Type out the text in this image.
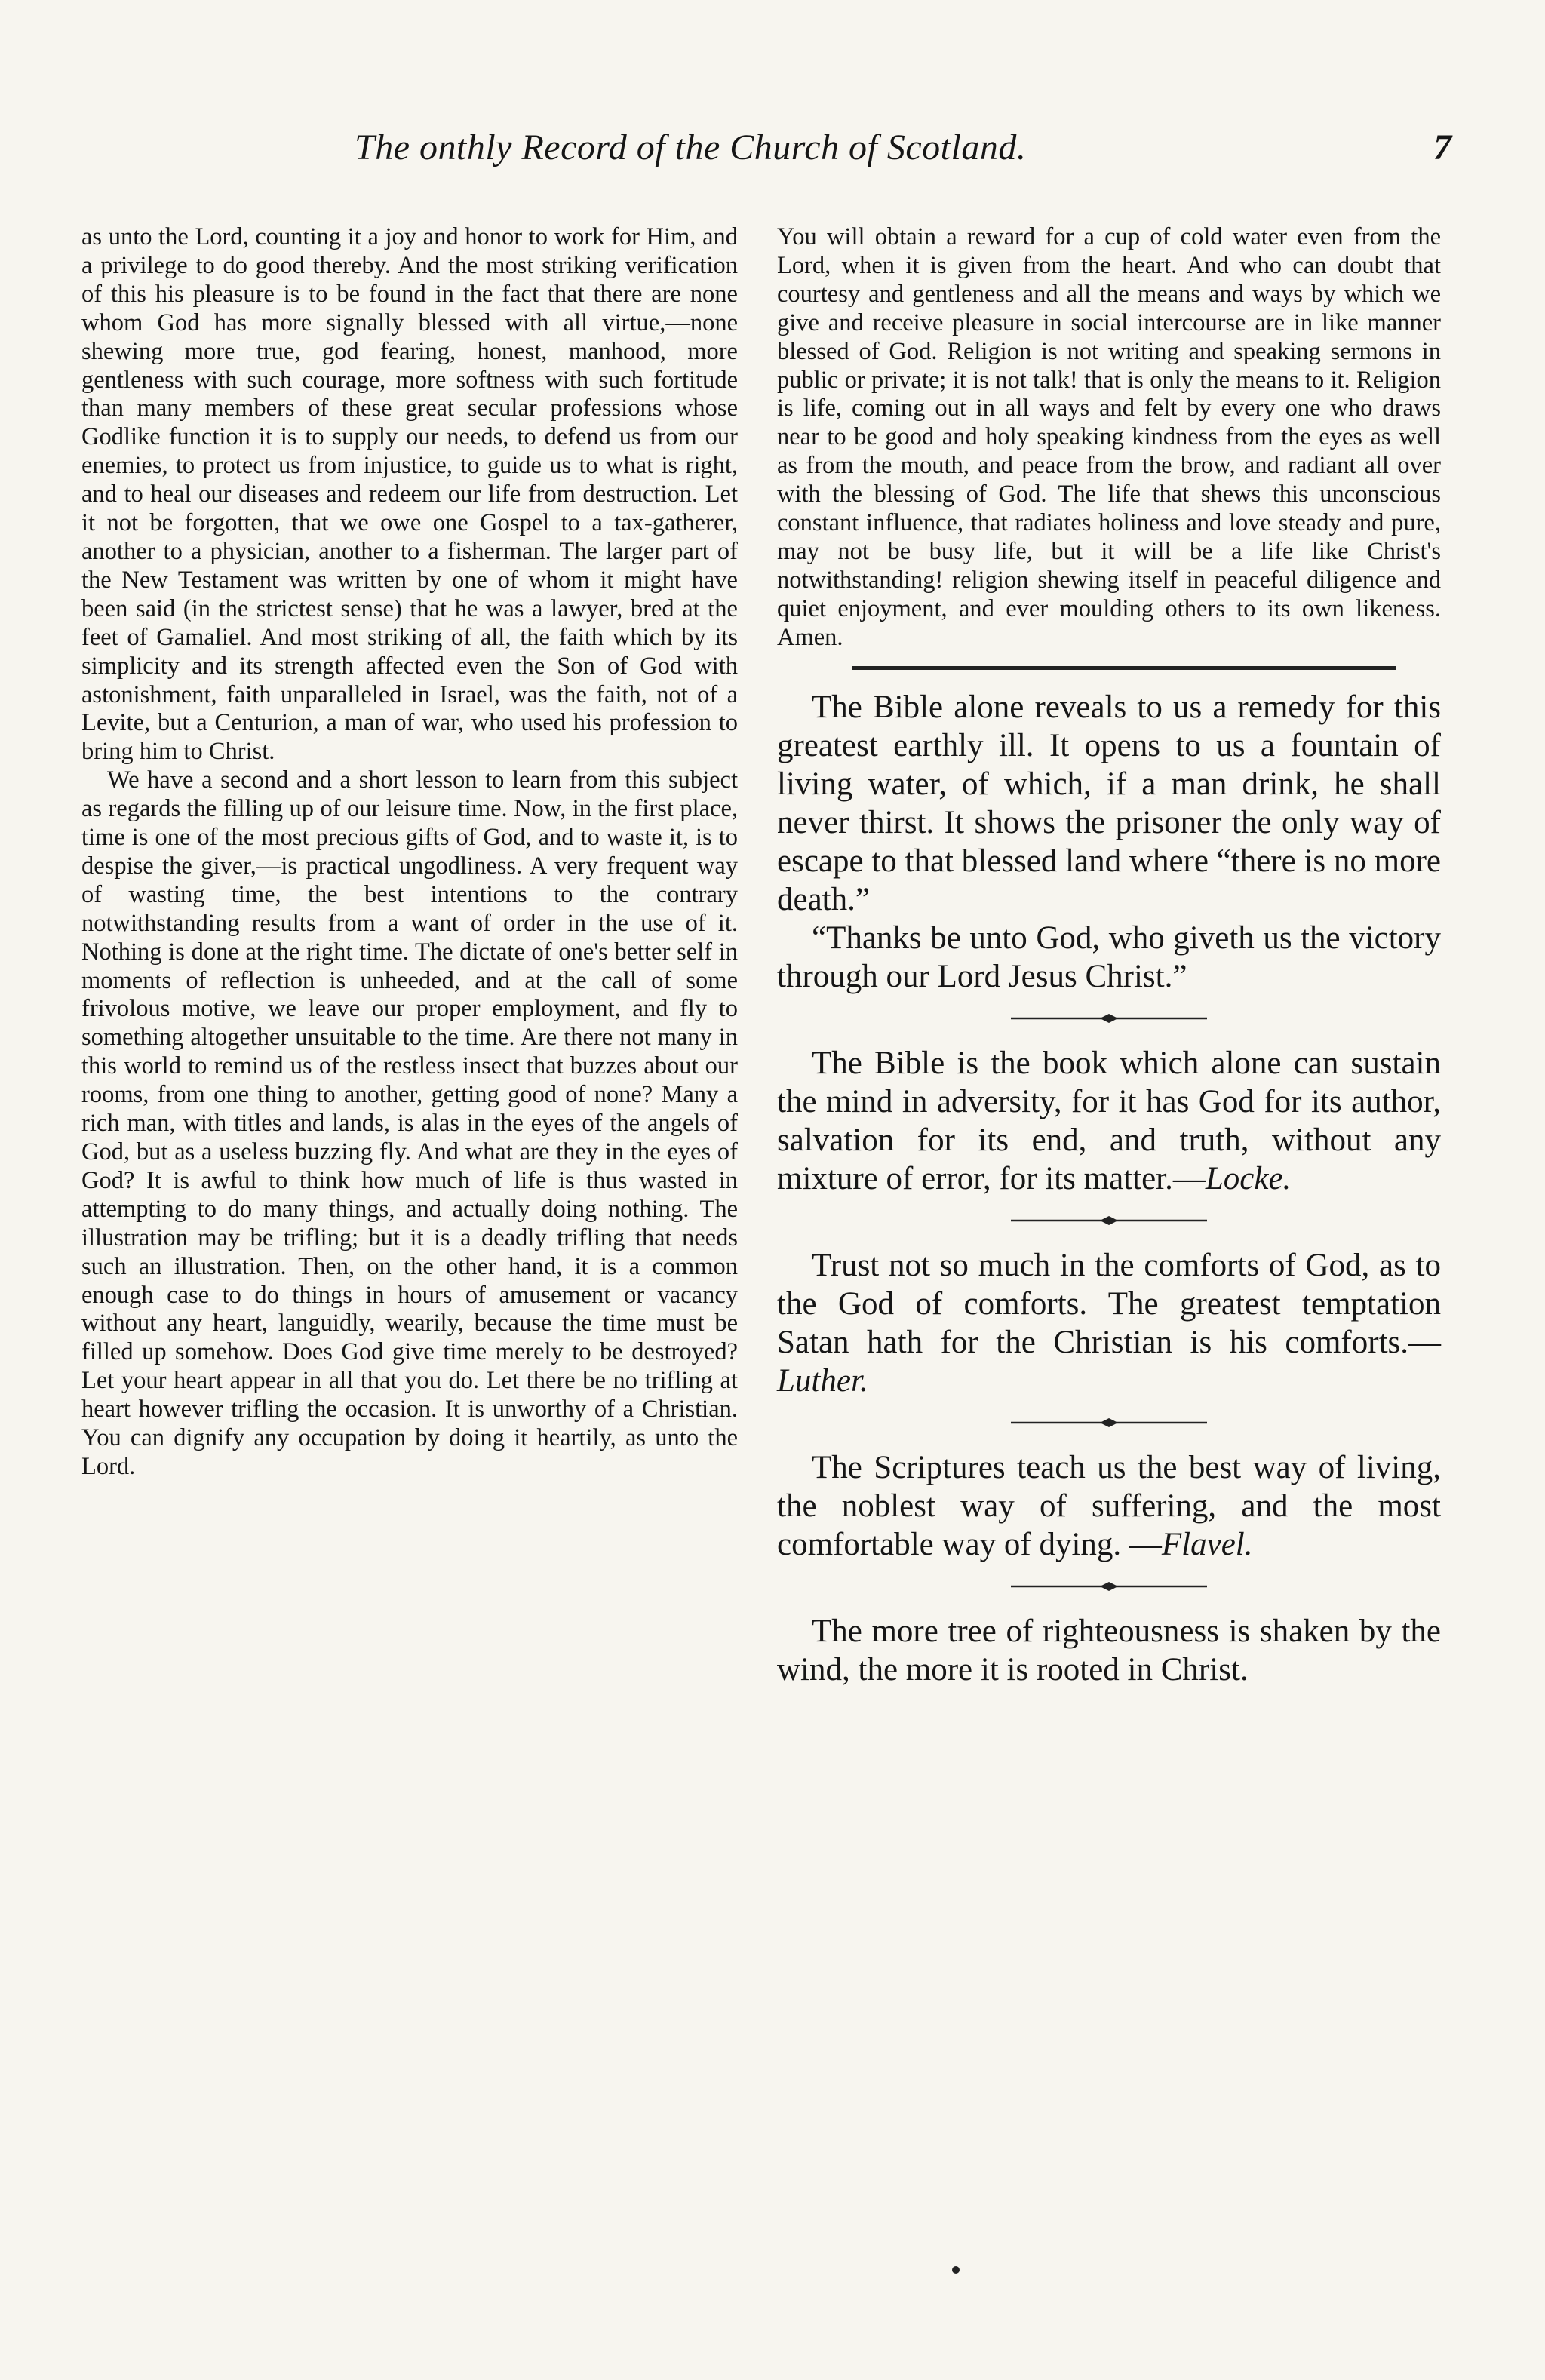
The onthly Record of the Church of Scotland.	7

as unto the Lord, counting it a joy and honor to work for Him, and a privilege to do good thereby. And the most striking verification of this his pleasure is to be found in the fact that there are none whom God has more signally blessed with all virtue,—none shewing more true, god fearing, honest, manhood, more gentleness with such courage, more softness with such fortitude than many members of these great secular professions whose Godlike function it is to supply our needs, to defend us from our enemies, to protect us from injustice, to guide us to what is right, and to heal our diseases and redeem our life from destruction. Let it not be forgotten, that we owe one Gospel to a tax-gatherer, another to a physician, another to a fisherman. The larger part of the New Testament was written by one of whom it might have been said (in the strictest sense) that he was a lawyer, bred at the feet of Gamaliel. And most striking of all, the faith which by its simplicity and its strength affected even the Son of God with astonishment, faith unparalleled in Israel, was the faith, not of a Levite, but a Centurion, a man of war, who used his profession to bring him to Christ.

We have a second and a short lesson to learn from this subject as regards the filling up of our leisure time. Now, in the first place, time is one of the most precious gifts of God, and to waste it, is to despise the giver,—is practical ungodliness. A very frequent way of wasting time, the best intentions to the contrary notwithstanding results from a want of order in the use of it. Nothing is done at the right time. The dictate of one's better self in moments of reflection is unheeded, and at the call of some frivolous motive, we leave our proper employment, and fly to something altogether unsuitable to the time. Are there not many in this world to remind us of the restless insect that buzzes about our rooms, from one thing to another, getting good of none? Many a rich man, with titles and lands, is alas in the eyes of the angels of God, but as a useless buzzing fly. And what are they in the eyes of God? It is awful to think how much of life is thus wasted in attempting to do many things, and actually doing nothing. The illustration may be trifling; but it is a deadly trifling that needs such an illustration. Then, on the other hand, it is a common enough case to do things in hours of amusement or vacancy without any heart, languidly, wearily, because the time must be filled up somehow. Does God give time merely to be destroyed? Let your heart appear in all that you do. Let there be no trifling at heart however trifling the occasion. It is unworthy of a Christian. You can dignify any occupation by doing it heartily, as unto the Lord.

You will obtain a reward for a cup of cold water even from the Lord, when it is given from the heart. And who can doubt that courtesy and gentleness and all the means and ways by which we give and receive pleasure in social intercourse are in like manner blessed of God. Religion is not writing and speaking sermons in public or private; it is not talk! that is only the means to it. Religion is life, coming out in all ways and felt by every one who draws near to be good and holy speaking kindness from the eyes as well as from the mouth, and peace from the brow, and radiant all over with the blessing of God. The life that shews this unconscious constant influence, that radiates holiness and love steady and pure, may not be busy life, but it will be a life like Christ's notwithstanding! religion shewing itself in peaceful diligence and quiet enjoyment, and ever moulding others to its own likeness. Amen.

The Bible alone reveals to us a remedy for this greatest earthly ill. It opens to us a fountain of living water, of which, if a man drink, he shall never thirst. It shows the prisoner the only way of escape to that blessed land where “there is no more death.”

“Thanks be unto God, who giveth us the victory through our Lord Jesus Christ.”

The Bible is the book which alone can sustain the mind in adversity, for it has God for its author, salvation for its end, and truth, without any mixture of error, for its matter.—Locke.

Trust not so much in the comforts of God, as to the God of comforts. The greatest temptation Satan hath for the Christian is his comforts.—Luther.

The Scriptures teach us the best way of living, the noblest way of suffering, and the most comfortable way of dying. —Flavel.

The more tree of righteousness is shaken by the wind, the more it is rooted in Christ.
